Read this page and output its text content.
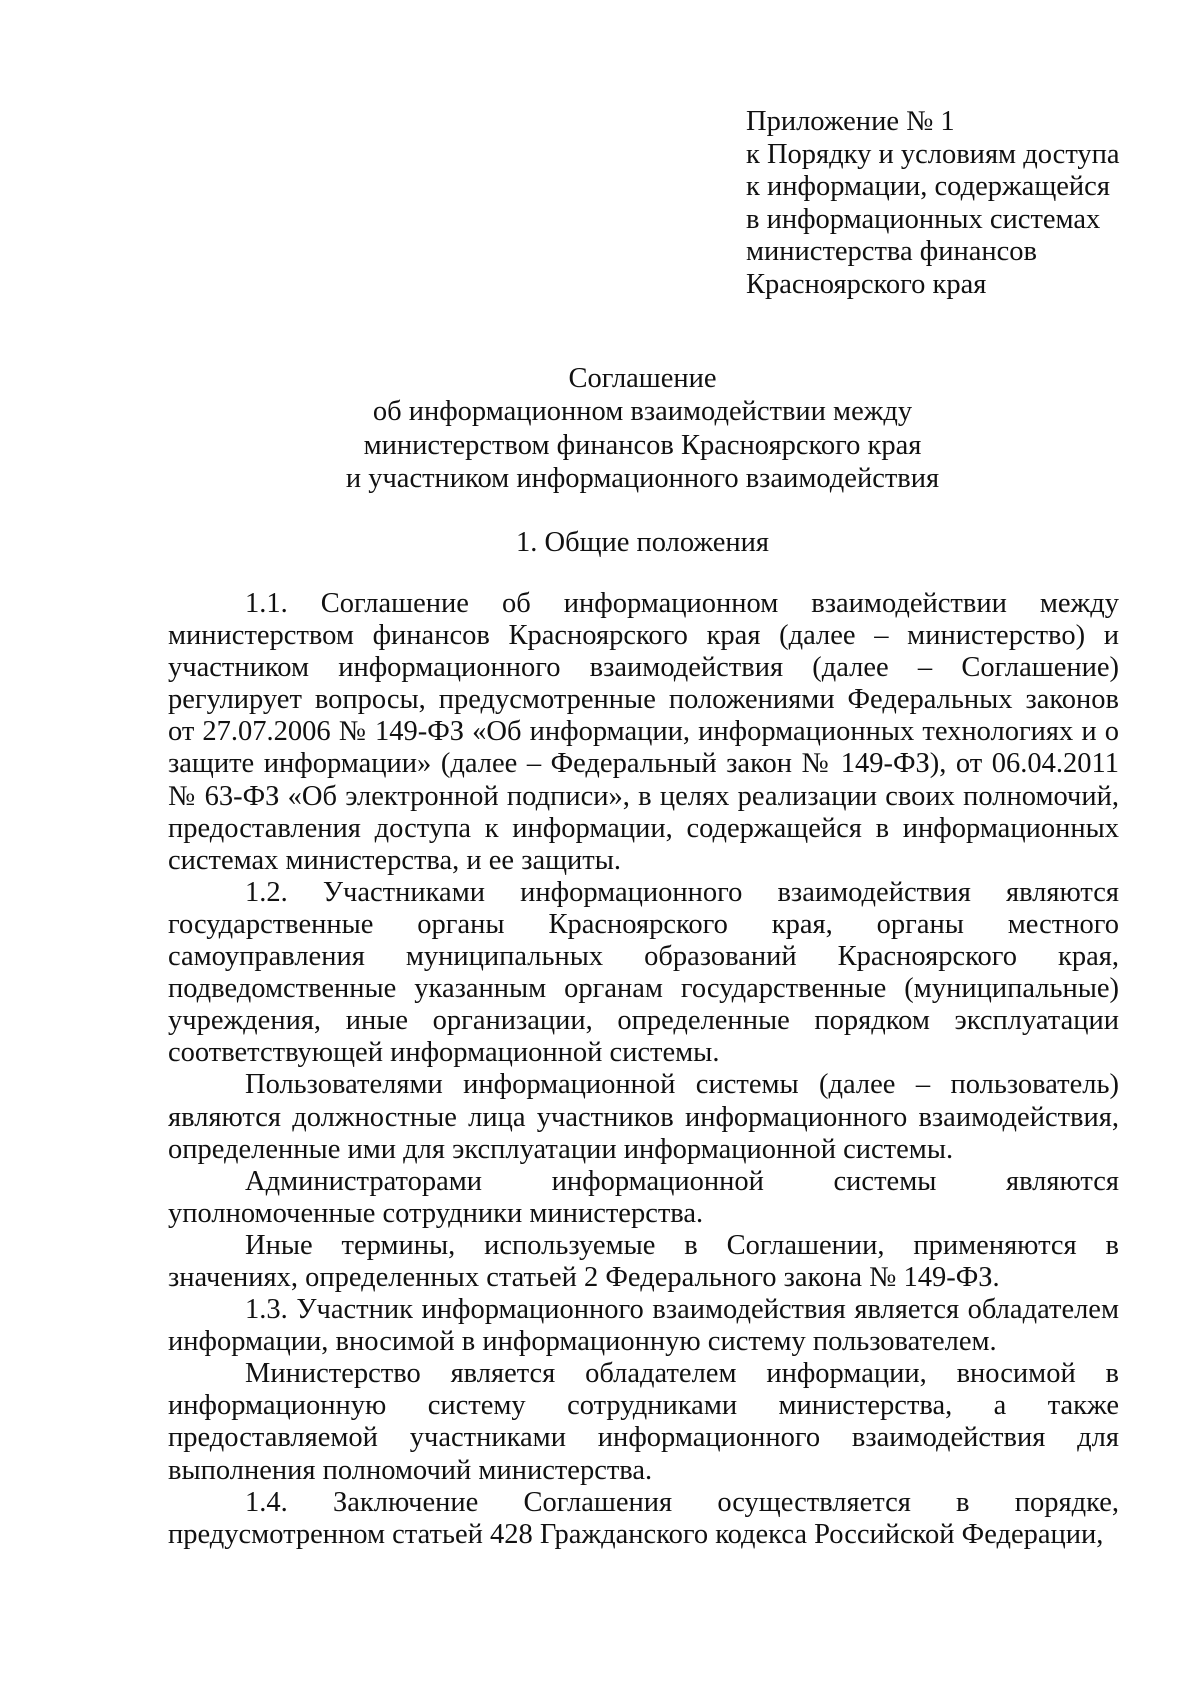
Приложение № 1
к Порядку и условиям доступа
к информации, содержащейся
в информационных системах
министерства финансов
Красноярского края
Соглашение
об информационном взаимодействии между
министерством финансов Красноярского края
и участником информационного взаимодействия
1. Общие положения

1.1. Соглашение об информационном взаимодействии между министерством финансов Красноярского края (далее – министерство) и участником информационного взаимодействия (далее – Соглашение) регулирует вопросы, предусмотренные положениями Федеральных законов от 27.07.2006 № 149-ФЗ «Об информации, информационных технологиях и о защите информации» (далее – Федеральный закон № 149-ФЗ), от 06.04.2011 № 63-ФЗ «Об электронной подписи», в целях реализации своих полномочий, предоставления доступа к информации, содержащейся в информационных системах министерства, и ее защиты.

1.2. Участниками информационного взаимодействия являются государственные органы Красноярского края, органы местного самоуправления муниципальных образований Красноярского края, подведомственные указанным органам государственные (муниципальные) учреждения, иные организации, определенные порядком эксплуатации соответствующей информационной системы.

Пользователями информационной системы (далее – пользователь) являются должностные лица участников информационного взаимодействия, определенные ими для эксплуатации информационной системы.

Администраторами информационной системы являются уполномоченные сотрудники министерства.

Иные термины, используемые в Соглашении, применяются в значениях, определенных статьей 2 Федерального закона № 149-ФЗ.

1.3. Участник информационного взаимодействия является обладателем информации, вносимой в информационную систему пользователем.

Министерство является обладателем информации, вносимой в информационную систему сотрудниками министерства, а также предоставляемой участниками информационного взаимодействия для выполнения полномочий министерства.

1.4. Заключение Соглашения осуществляется в порядке, предусмотренном статьей 428 Гражданского кодекса Российской Федерации,
